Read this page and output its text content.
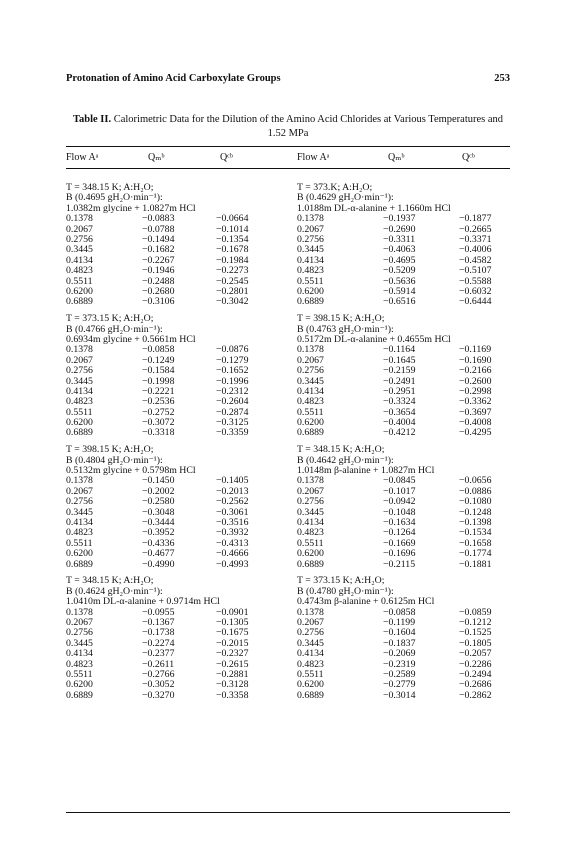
Protonation of Amino Acid Carboxylate Groups	253
Table II. Calorimetric Data for the Dilution of the Amino Acid Chlorides at Various Temperatures and 1.52 MPa
Flow Aᵃ	Qₘᵇ	Qᶜᵇ	Flow Aᵃ	Qₘᵇ	Qᶜᵇ
T = 348.15 K; A:H₂O;
B (0.4695 gH₂O·min⁻¹):
1.0382m glycine + 1.0827m HCl
0.1378	−0.0883	−0.0664
0.2067	−0.0788	−0.1014
0.2756	−0.1494	−0.1354
0.3445	−0.1682	−0.1678
0.4134	−0.2267	−0.1984
0.4823	−0.1946	−0.2273
0.5511	−0.2488	−0.2545
0.6200	−0.2680	−0.2801
0.6889	−0.3106	−0.3042
T = 373.15 K; A:H₂O;
B (0.4766 gH₂O·min⁻¹):
0.6934m glycine + 0.5661m HCl
0.1378	−0.0858	−0.0876
0.2067	−0.1249	−0.1279
0.2756	−0.1584	−0.1652
0.3445	−0.1998	−0.1996
0.4134	−0.2221	−0.2312
0.4823	−0.2536	−0.2604
0.5511	−0.2752	−0.2874
0.6200	−0.3072	−0.3125
0.6889	−0.3318	−0.3359
T = 398.15 K; A:H₂O;
B (0.4804 gH₂O·min⁻¹):
0.5132m glycine + 0.5798m HCl
0.1378	−0.1450	−0.1405
0.2067	−0.2002	−0.2013
0.2756	−0.2580	−0.2562
0.3445	−0.3048	−0.3061
0.4134	−0.3444	−0.3516
0.4823	−0.3952	−0.3932
0.5511	−0.4336	−0.4313
0.6200	−0.4677	−0.4666
0.6889	−0.4990	−0.4993
T = 348.15 K; A:H₂O;
B (0.4624 gH₂O·min⁻¹):
1.0410m DL-α-alanine + 0.9714m HCl
0.1378	−0.0955	−0.0901
0.2067	−0.1367	−0.1305
0.2756	−0.1738	−0.1675
0.3445	−0.2274	−0.2015
0.4134	−0.2377	−0.2327
0.4823	−0.2611	−0.2615
0.5511	−0.2766	−0.2881
0.6200	−0.3052	−0.3128
0.6889	−0.3270	−0.3358
T = 373.K; A:H₂O;
B (0.4629 gH₂O·min⁻¹):
1.0188m DL-α-alanine + 1.1660m HCl
0.1378	−0.1937	−0.1877
0.2067	−0.2690	−0.2665
0.2756	−0.3311	−0.3371
0.3445	−0.4063	−0.4006
0.4134	−0.4695	−0.4582
0.4823	−0.5209	−0.5107
0.5511	−0.5636	−0.5588
0.6200	−0.5914	−0.6032
0.6889	−0.6516	−0.6444
T = 398.15 K; A:H₂O;
B (0.4763 gH₂O·min⁻¹):
0.5172m DL-α-alanine + 0.4655m HCl
0.1378	−0.1164	−0.1169
0.2067	−0.1645	−0.1690
0.2756	−0.2159	−0.2166
0.3445	−0.2491	−0.2600
0.4134	−0.2951	−0.2998
0.4823	−0.3324	−0.3362
0.5511	−0.3654	−0.3697
0.6200	−0.4004	−0.4008
0.6889	−0.4212	−0.4295
T = 348.15 K; A:H₂O;
B (0.4642 gH₂O·min⁻¹):
1.0148m β-alanine + 1.0827m HCl
0.1378	−0.0845	−0.0656
0.2067	−0.1017	−0.0886
0.2756	−0.0942	−0.1080
0.3445	−0.1048	−0.1248
0.4134	−0.1634	−0.1398
0.4823	−0.1264	−0.1534
0.5511	−0.1669	−0.1658
0.6200	−0.1696	−0.1774
0.6889	−0.2115	−0.1881
T = 373.15 K; A:H₂O;
B (0.4780 gH₂O·min⁻¹):
0.4743m β-alanine + 0.6125m HCl
0.1378	−0.0858	−0.0859
0.2067	−0.1199	−0.1212
0.2756	−0.1604	−0.1525
0.3445	−0.1837	−0.1805
0.4134	−0.2069	−0.2057
0.4823	−0.2319	−0.2286
0.5511	−0.2589	−0.2494
0.6200	−0.2779	−0.2686
0.6889	−0.3014	−0.2862
